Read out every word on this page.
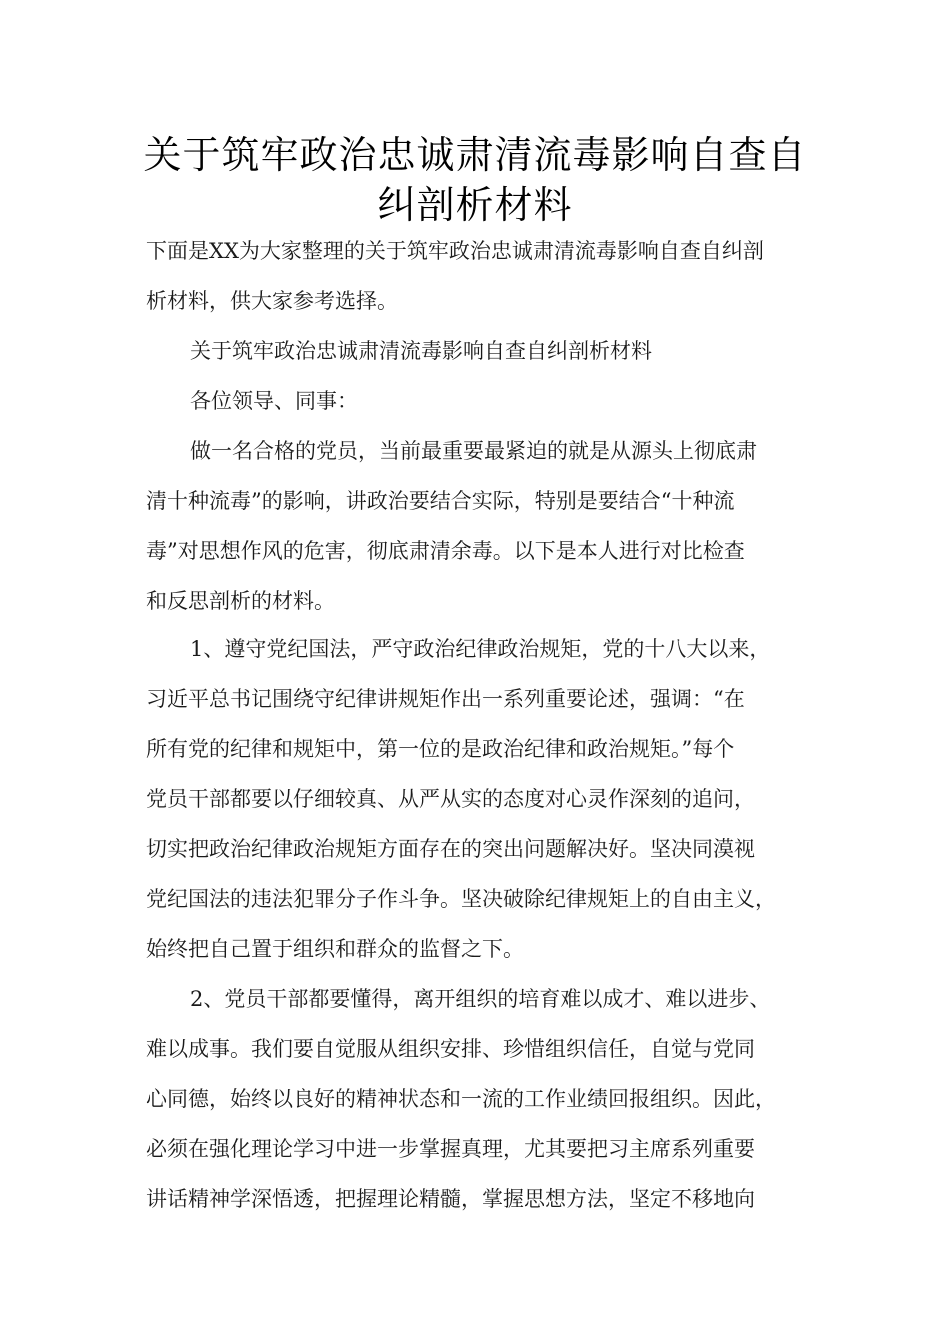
关于筑牢政治忠诚肃清流毒影响自查自
纠剖析材料
下面是XX为大家整理的关于筑牢政治忠诚肃清流毒影响自查自纠剖
析材料，供大家参考选择。
关于筑牢政治忠诚肃清流毒影响自查自纠剖析材料
各位领导、同事：
做一名合格的党员，当前最重要最紧迫的就是从源头上彻底肃
清十种流毒”的影响，讲政治要结合实际，特别是要结合“十种流
毒”对思想作风的危害，彻底肃清余毒。以下是本人进行对比检查
和反思剖析的材料。
1、遵守党纪国法，严守政治纪律政治规矩，党的十八大以来，
习近平总书记围绕守纪律讲规矩作出一系列重要论述，强调：“在
所有党的纪律和规矩中，第一位的是政治纪律和政治规矩。”每个
党员干部都要以仔细较真、从严从实的态度对心灵作深刻的追问，
切实把政治纪律政治规矩方面存在的突出问题解决好。坚决同漠视
党纪国法的违法犯罪分子作斗争。坚决破除纪律规矩上的自由主义，
始终把自己置于组织和群众的监督之下。
2、党员干部都要懂得，离开组织的培育难以成才、难以进步、
难以成事。我们要自觉服从组织安排、珍惜组织信任，自觉与党同
心同德，始终以良好的精神状态和一流的工作业绩回报组织。因此，
必须在强化理论学习中进一步掌握真理，尤其要把习主席系列重要
讲话精神学深悟透，把握理论精髓，掌握思想方法，坚定不移地向
